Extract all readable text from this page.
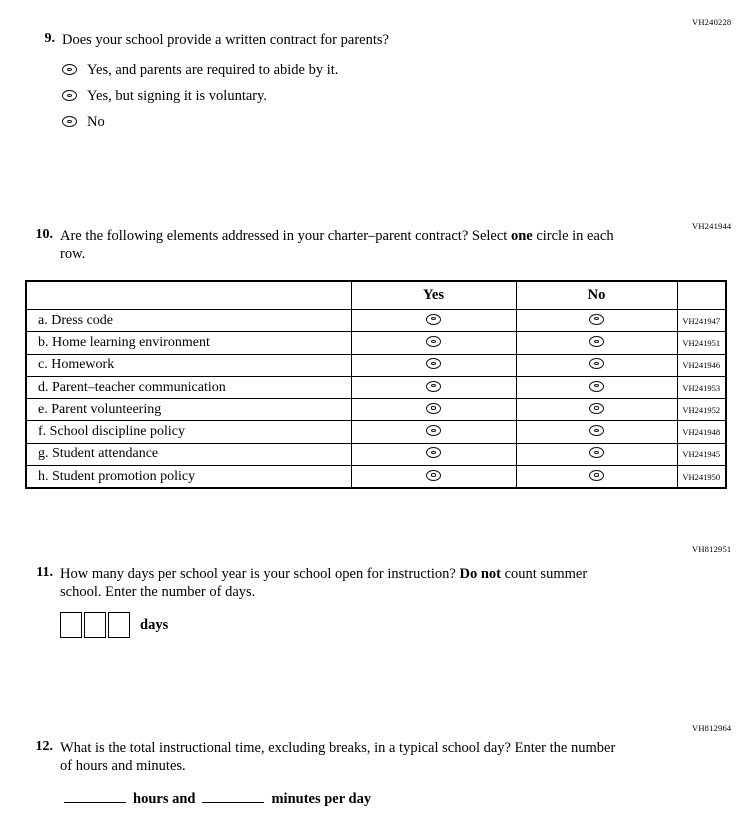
VH240228
9. Does your school provide a written contract for parents?
Yes, and parents are required to abide by it.
Yes, but signing it is voluntary.
No
VH241944
10. Are the following elements addressed in your charter–parent contract? Select one circle in each row.
	Yes	No	
a. Dress code			VH241947
b. Home learning environment			VH241951
c. Homework			VH241946
d. Parent–teacher communication			VH241953
e. Parent volunteering			VH241952
f. School discipline policy			VH241948
g. Student attendance			VH241945
h. Student promotion policy			VH241950
VH812951
11. How many days per school year is your school open for instruction? Do not count summer school. Enter the number of days.
days
VH812964
12. What is the total instructional time, excluding breaks, in a typical school day? Enter the number of hours and minutes.
hours and	minutes per day
